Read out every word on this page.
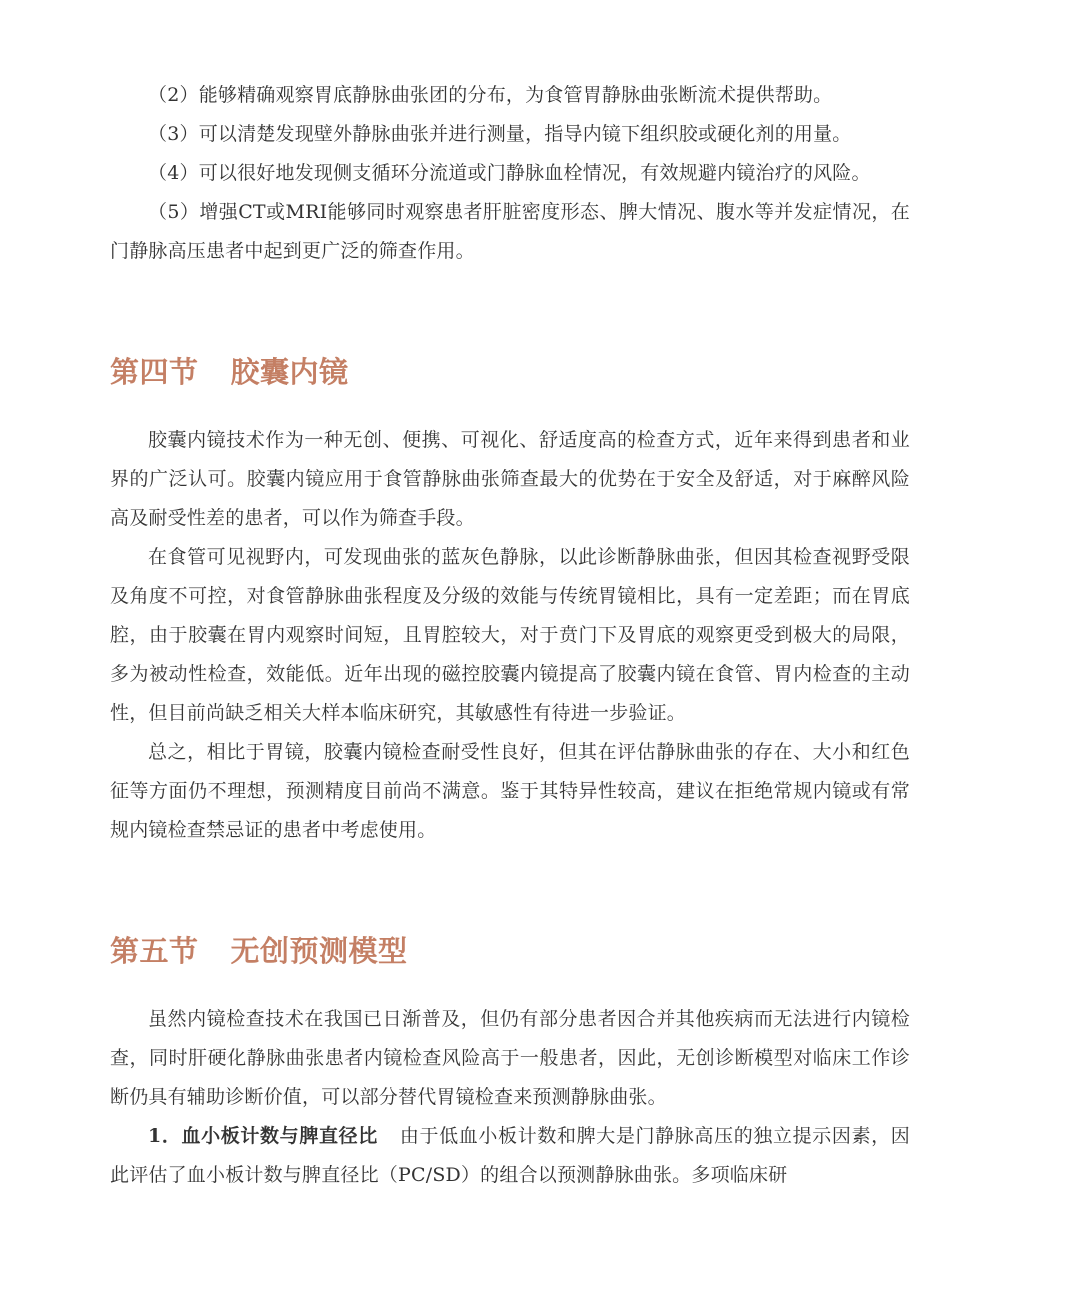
（2）能够精确观察胃底静脉曲张团的分布，为食管胃静脉曲张断流术提供帮助。

（3）可以清楚发现壁外静脉曲张并进行测量，指导内镜下组织胶或硬化剂的用量。

（4）可以很好地发现侧支循环分流道或门静脉血栓情况，有效规避内镜治疗的风险。

（5）增强CT或MRI能够同时观察患者肝脏密度形态、脾大情况、腹水等并发症情况，在门静脉高压患者中起到更广泛的筛查作用。

第四节 胶囊内镜

胶囊内镜技术作为一种无创、便携、可视化、舒适度高的检查方式，近年来得到患者和业界的广泛认可。胶囊内镜应用于食管静脉曲张筛查最大的优势在于安全及舒适，对于麻醉风险高及耐受性差的患者，可以作为筛查手段。

在食管可见视野内，可发现曲张的蓝灰色静脉，以此诊断静脉曲张，但因其检查视野受限及角度不可控，对食管静脉曲张程度及分级的效能与传统胃镜相比，具有一定差距；而在胃底腔，由于胶囊在胃内观察时间短，且胃腔较大，对于贲门下及胃底的观察更受到极大的局限，多为被动性检查，效能低。近年出现的磁控胶囊内镜提高了胶囊内镜在食管、胃内检查的主动性，但目前尚缺乏相关大样本临床研究，其敏感性有待进一步验证。

总之，相比于胃镜，胶囊内镜检查耐受性良好，但其在评估静脉曲张的存在、大小和红色征等方面仍不理想，预测精度目前尚不满意。鉴于其特异性较高，建议在拒绝常规内镜或有常规内镜检查禁忌证的患者中考虑使用。

第五节 无创预测模型

虽然内镜检查技术在我国已日渐普及，但仍有部分患者因合并其他疾病而无法进行内镜检查，同时肝硬化静脉曲张患者内镜检查风险高于一般患者，因此，无创诊断模型对临床工作诊断仍具有辅助诊断价值，可以部分替代胃镜检查来预测静脉曲张。

1．血小板计数与脾直径比 由于低血小板计数和脾大是门静脉高压的独立提示因素，因此评估了血小板计数与脾直径比（PC/SD）的组合以预测静脉曲张。多项临床研
